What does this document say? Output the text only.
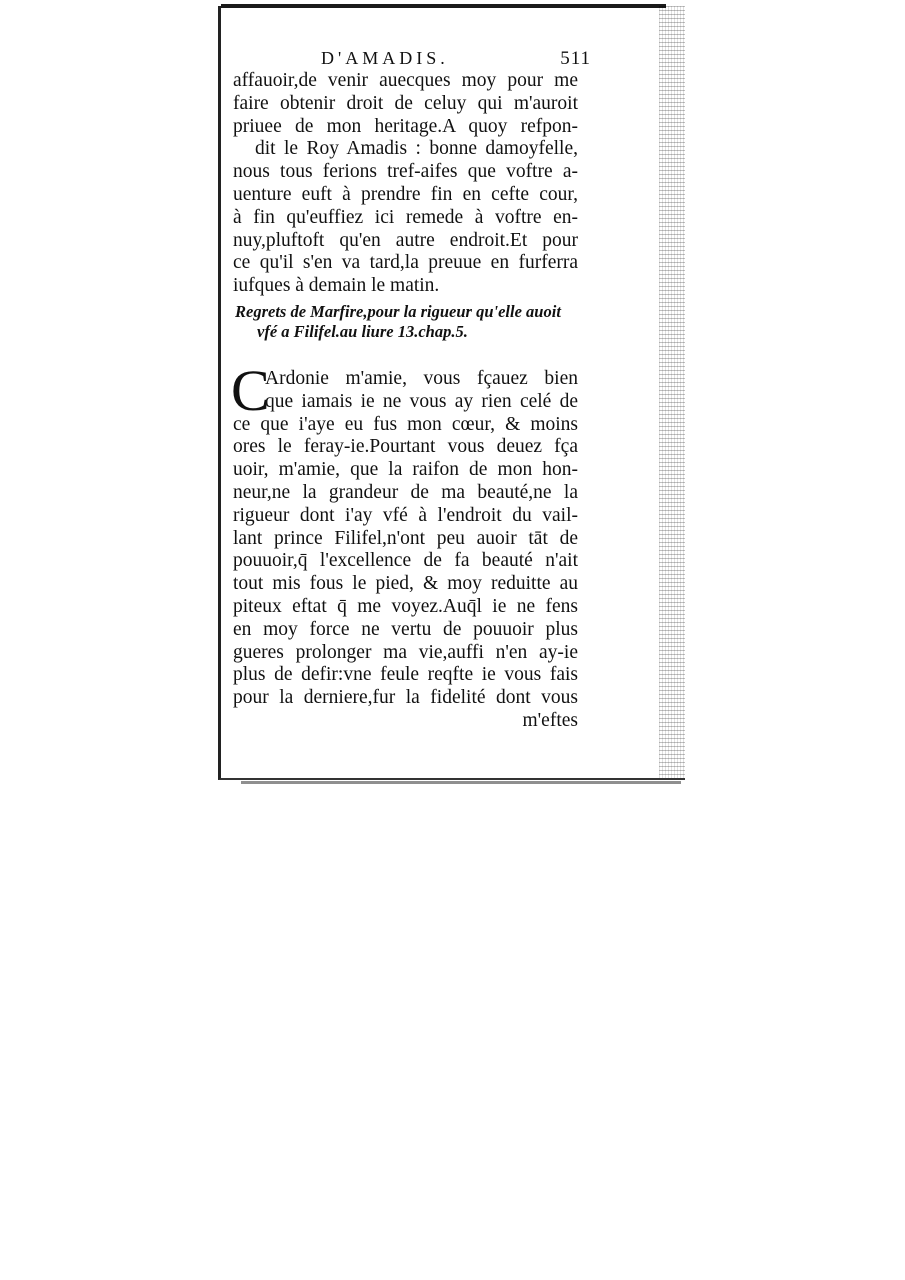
D'AMADIS.	511
affauoir,de venir auecques moy pour me
faire obtenir droit de celuy qui m'auroit
priuee de mon heritage.A quoy refpon-
dit le Roy Amadis : bonne damoyfelle,
nous tous ferions tref-aifes que voftre a-
uenture euft à prendre fin en cefte cour,
à fin qu'euffiez ici remede à voftre en-
nuy,pluftoft qu'en autre endroit.Et pour
ce qu'il s'en va tard,la preuue en furferra
iufques à demain le matin.
Regrets de Marfire,pour la rigueur qu'elle auoit
vfé a Filifel.au liure 13.chap.5.
C
Ardonie m'amie, vous fçauez bien
que iamais ie ne vous ay rien celé de
ce que i'aye eu fus mon cœur, & moins
ores le feray-ie.Pourtant vous deuez fça
uoir, m'amie, que la raifon de mon hon-
neur,ne la grandeur de ma beauté,ne la
rigueur dont i'ay vfé à l'endroit du vail-
lant prince Filifel,n'ont peu auoir tāt de
pouuoir,q̄ l'excellence de fa beauté n'ait
tout mis fous le pied, & moy reduitte au
piteux eftat q̄ me voyez.Auq̄l ie ne fens
en moy force ne vertu de pouuoir plus
gueres prolonger ma vie,auffi n'en ay-ie
plus de defir:vne feule reqfte ie vous fais
pour la derniere,fur la fidelité dont vous
m'eftes
